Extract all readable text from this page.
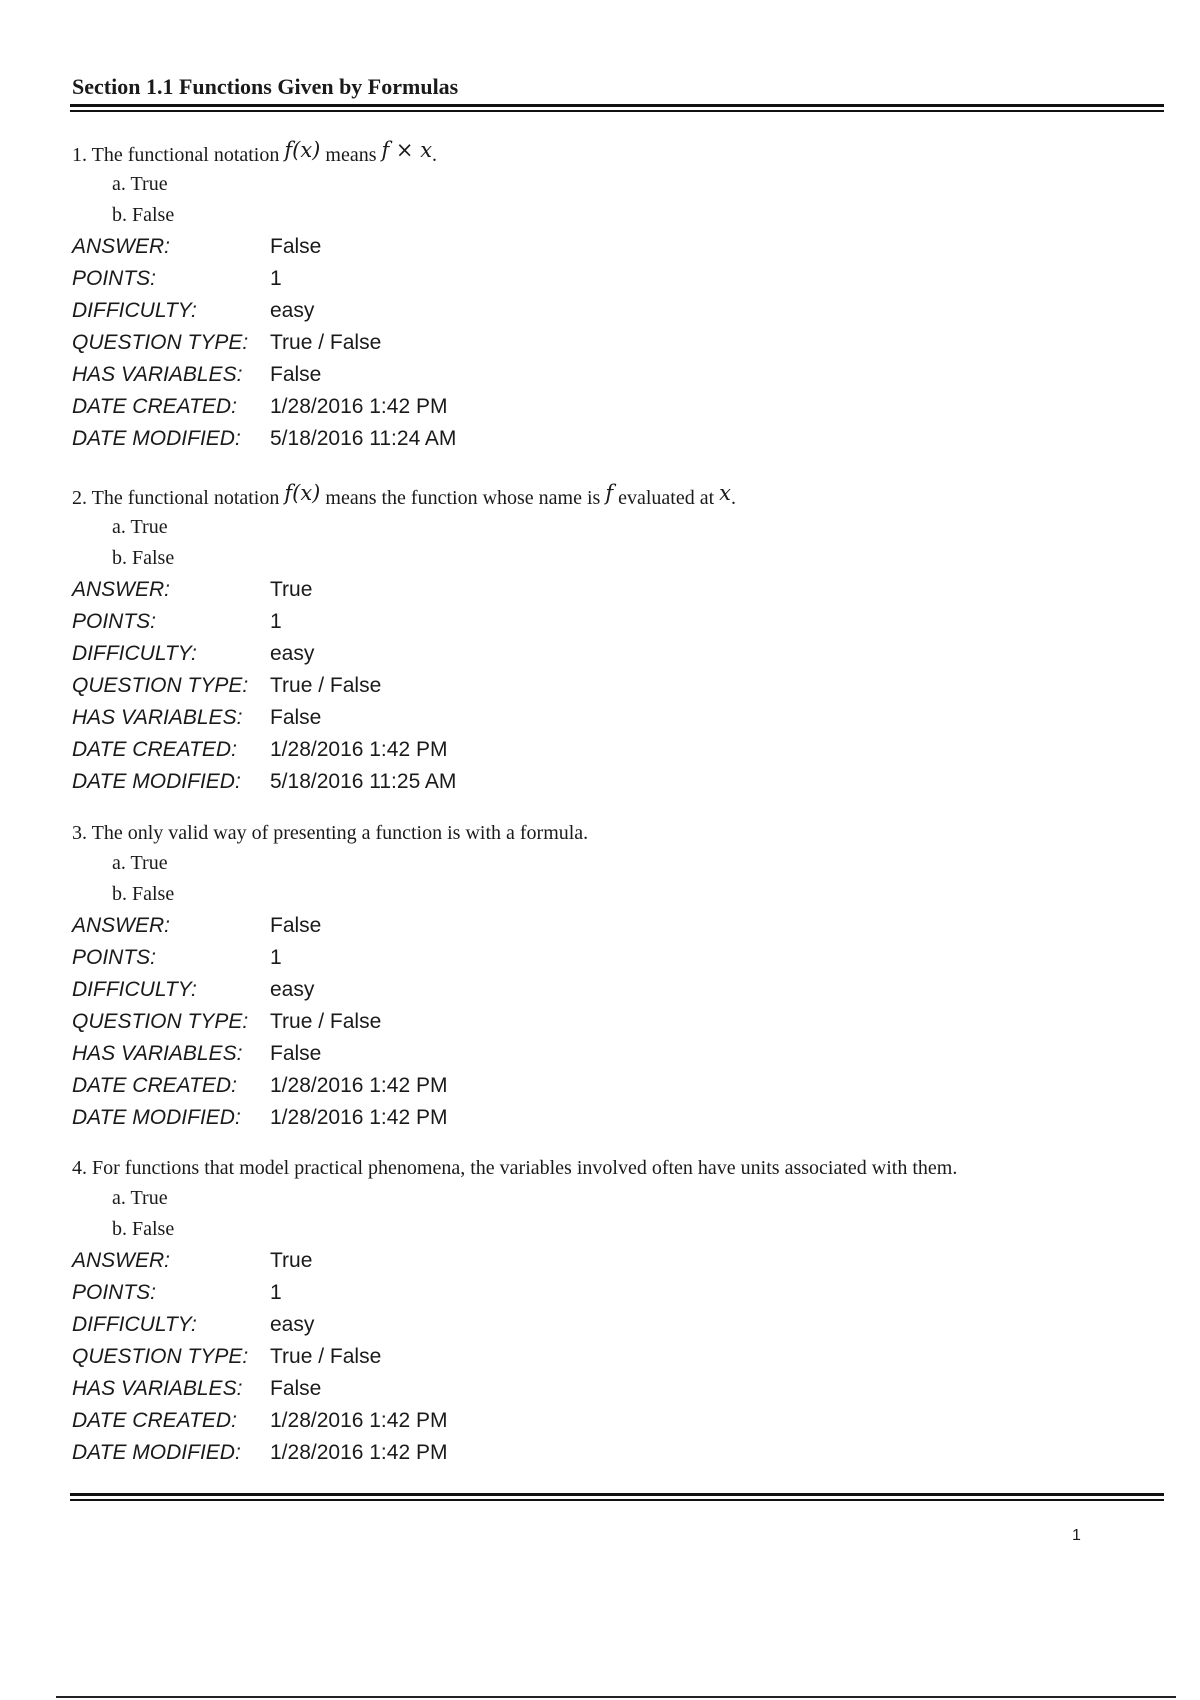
Section 1.1 Functions Given by Formulas
1. The functional notation f(x) means f × x.
a. True
b. False
ANSWER:	False
POINTS:	1
DIFFICULTY:	easy
QUESTION TYPE:	True / False
HAS VARIABLES:	False
DATE CREATED:	1/28/2016 1:42 PM
DATE MODIFIED:	5/18/2016 11:24 AM
2. The functional notation f(x) means the function whose name is f evaluated at x.
a. True
b. False
ANSWER:	True
POINTS:	1
DIFFICULTY:	easy
QUESTION TYPE:	True / False
HAS VARIABLES:	False
DATE CREATED:	1/28/2016 1:42 PM
DATE MODIFIED:	5/18/2016 11:25 AM
3. The only valid way of presenting a function is with a formula.
a. True
b. False
ANSWER:	False
POINTS:	1
DIFFICULTY:	easy
QUESTION TYPE:	True / False
HAS VARIABLES:	False
DATE CREATED:	1/28/2016 1:42 PM
DATE MODIFIED:	1/28/2016 1:42 PM
4. For functions that model practical phenomena, the variables involved often have units associated with them.
a. True
b. False
ANSWER:	True
POINTS:	1
DIFFICULTY:	easy
QUESTION TYPE:	True / False
HAS VARIABLES:	False
DATE CREATED:	1/28/2016 1:42 PM
DATE MODIFIED:	1/28/2016 1:42 PM
1
